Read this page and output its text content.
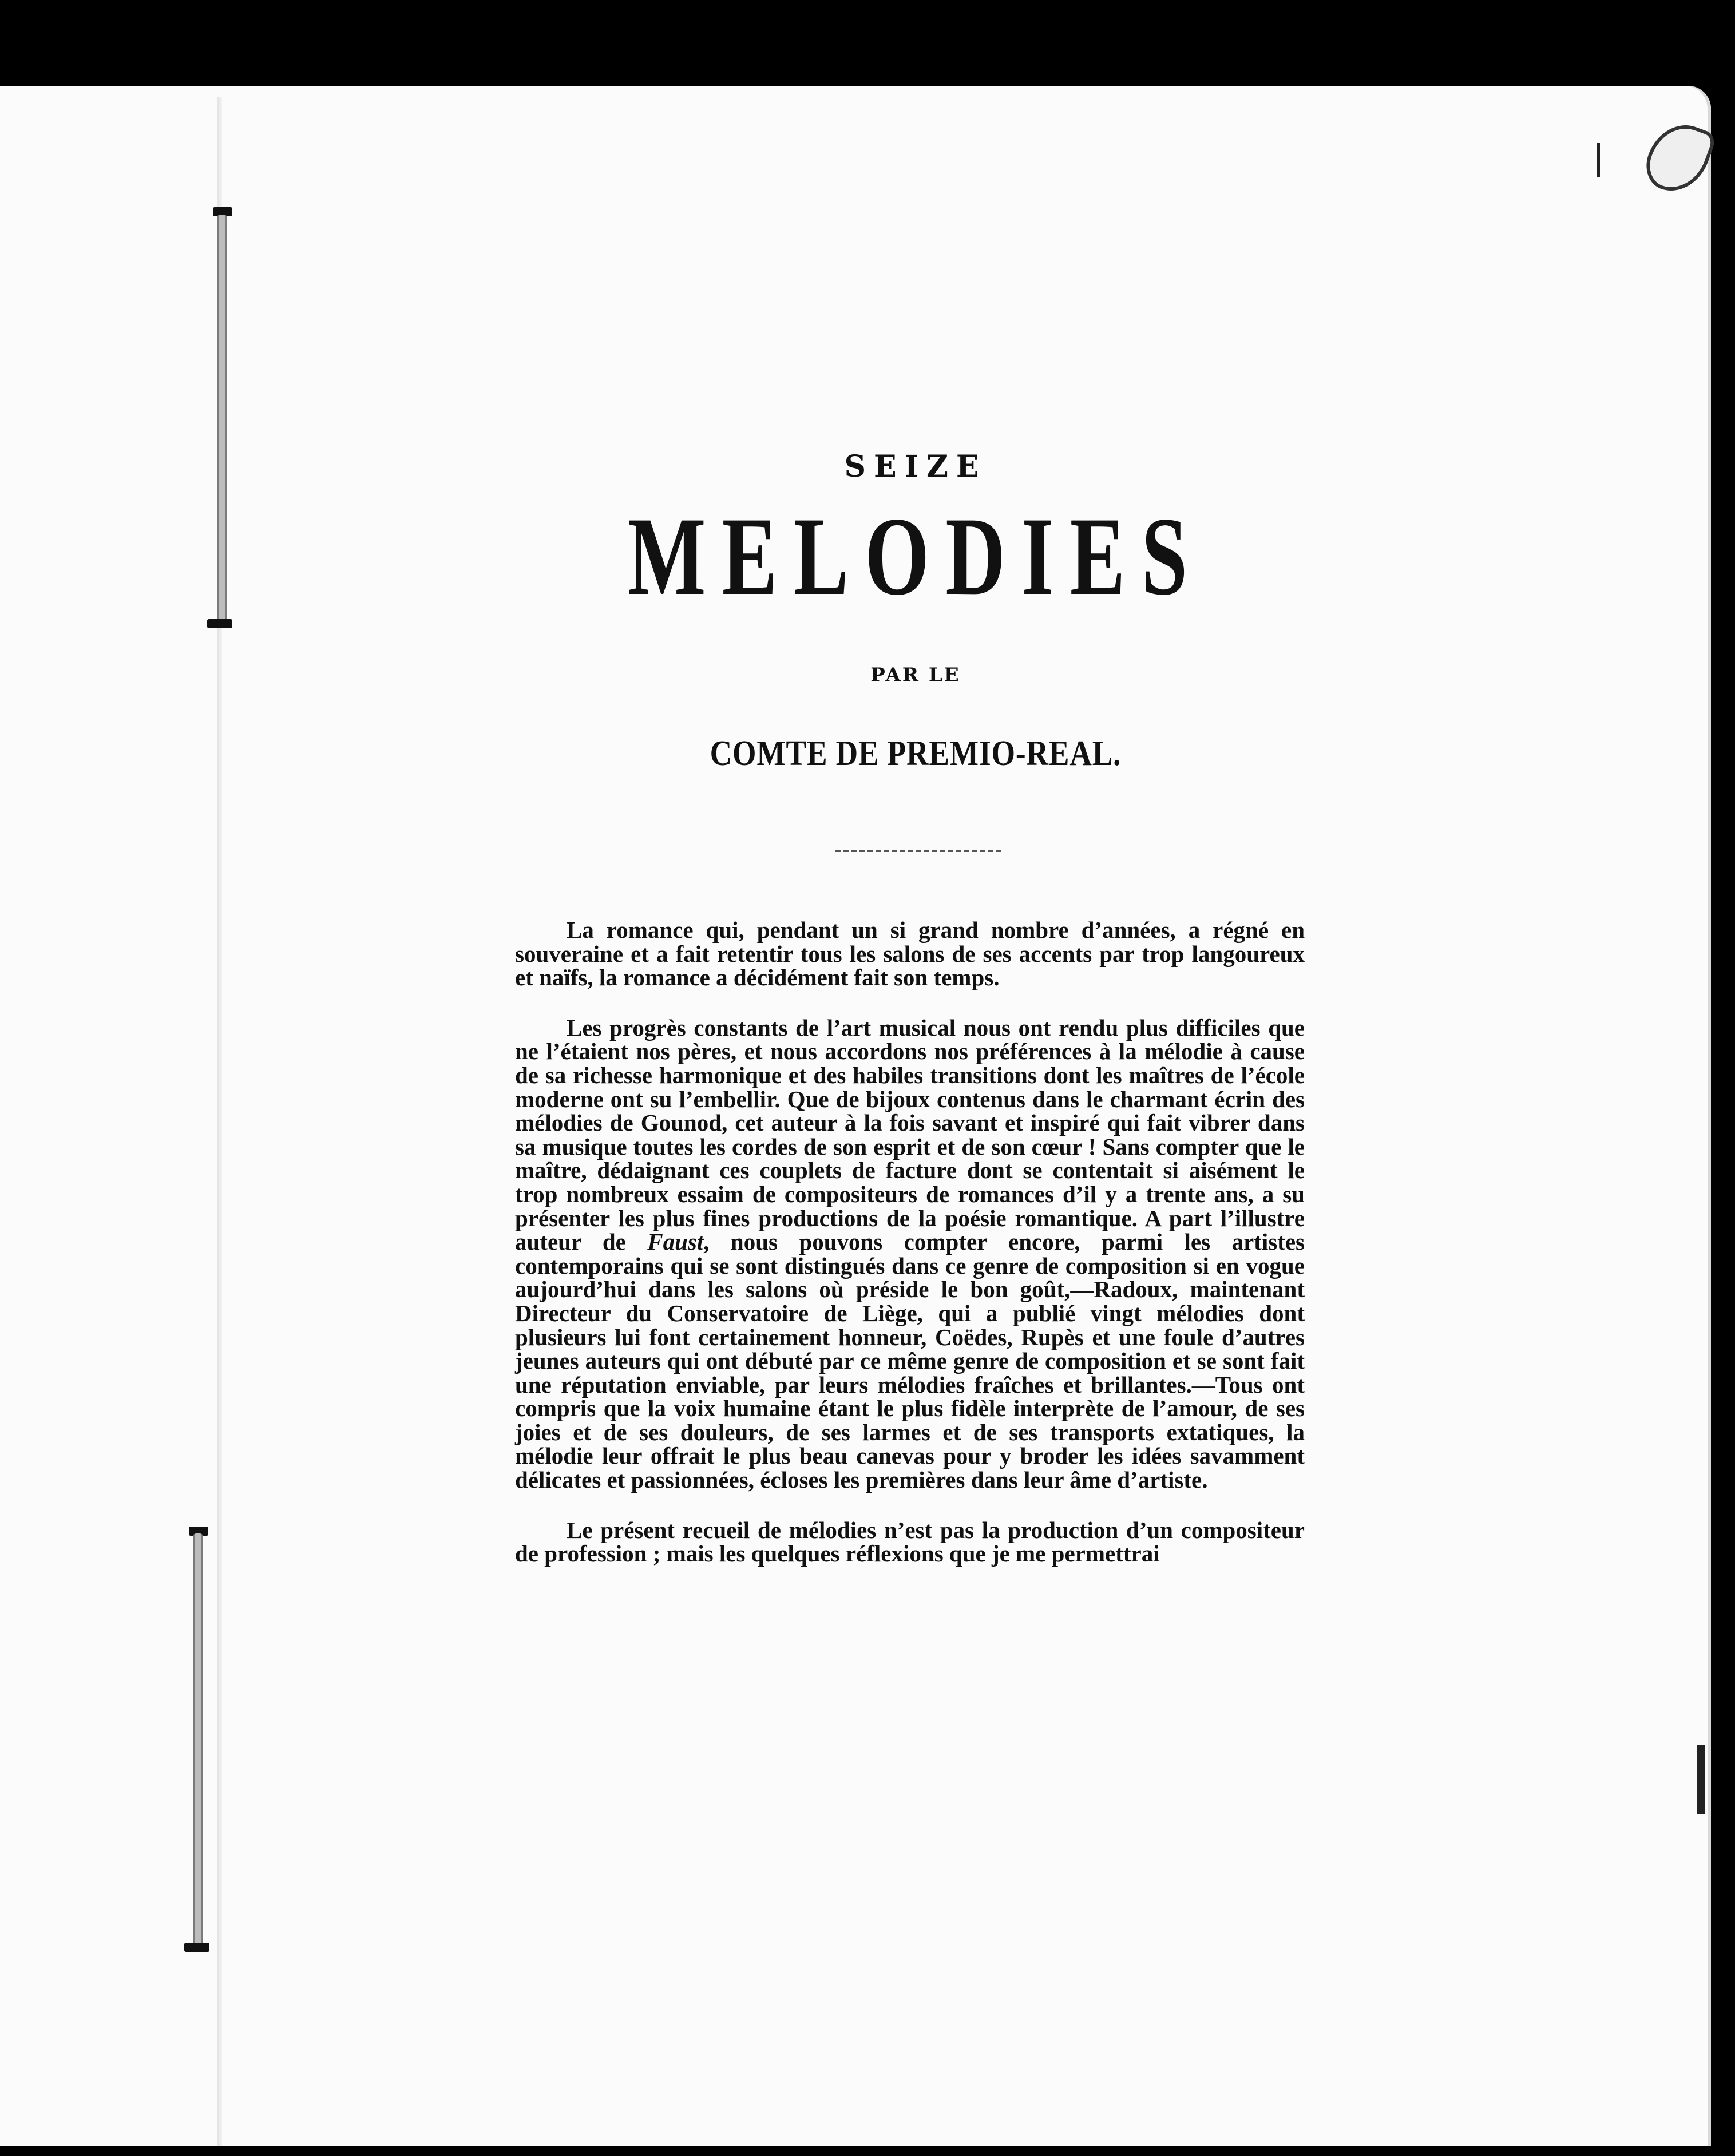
SEIZE
MELODIES
PAR LE
COMTE DE PREMIO-REAL.

La romance qui, pendant un si grand nombre d’années, a régné en souveraine et a fait retentir tous les salons de ses accents par trop langoureux et naïfs, la romance a décidément fait son temps.

Les progrès constants de l’art musical nous ont rendu plus difficiles que ne l’étaient nos pères, et nous accordons nos préférences à la mélodie à cause de sa richesse harmonique et des habiles transitions dont les maîtres de l’école moderne ont su l’embellir. Que de bijoux contenus dans le charmant écrin des mélodies de Gounod, cet auteur à la fois savant et inspiré qui fait vibrer dans sa musique toutes les cordes de son esprit et de son cœur ! Sans compter que le maître, dédaignant ces couplets de facture dont se contentait si aisément le trop nombreux essaim de compositeurs de romances d’il y a trente ans, a su présenter les plus fines productions de la poésie romantique. A part l’illustre auteur de Faust, nous pouvons compter encore, parmi les artistes contemporains qui se sont distingués dans ce genre de composition si en vogue aujourd’hui dans les salons où préside le bon goût,—Radoux, maintenant Directeur du Conservatoire de Liège, qui a publié vingt mélodies dont plusieurs lui font certainement honneur, Coëdes, Rupès et une foule d’autres jeunes auteurs qui ont débuté par ce même genre de composition et se sont fait une réputation enviable, par leurs mélodies fraîches et brillantes.—Tous ont compris que la voix humaine étant le plus fidèle interprète de l’amour, de ses joies et de ses douleurs, de ses larmes et de ses transports extatiques, la mélodie leur offrait le plus beau canevas pour y broder les idées savamment délicates et passionnées, écloses les premières dans leur âme d’artiste.

Le présent recueil de mélodies n’est pas la production d’un compositeur de profession ; mais les quelques réflexions que je me permettrai
